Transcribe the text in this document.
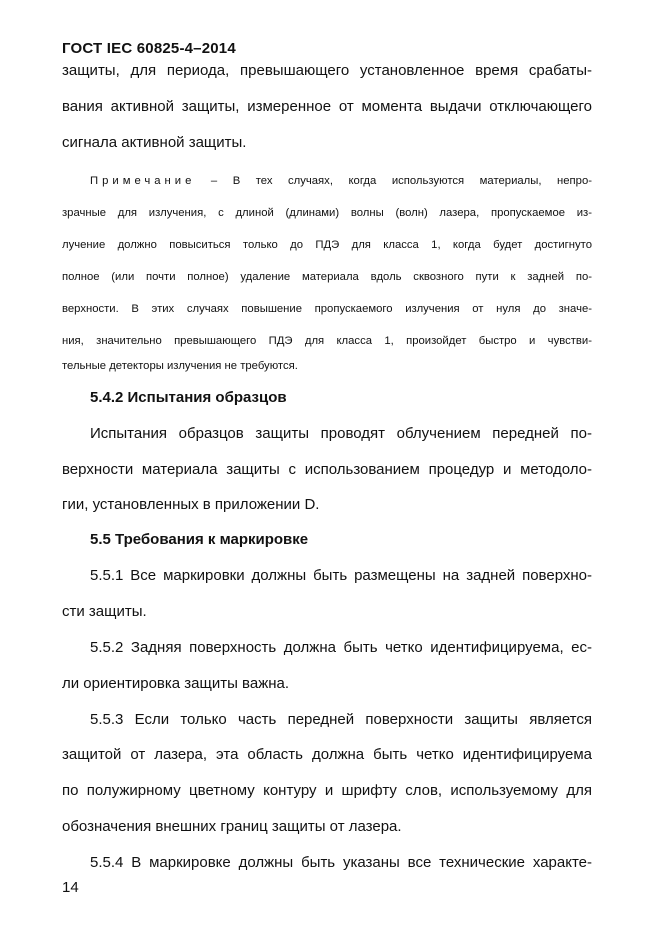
ГОСТ IEC 60825-4–2014
защиты, для периода, превышающего установленное время срабаты-
вания активной защиты, измеренное от момента выдачи отключающего
сигнала активной защиты.
Примечание – В тех случаях, когда используются материалы, непро-
зрачные для излучения, с длиной (длинами) волны (волн) лазера, пропускаемое из-
лучение должно повыситься только до ПДЭ для класса 1, когда будет достигнуто
полное (или почти полное) удаление материала вдоль сквозного пути к задней по-
верхности. В этих случаях повышение пропускаемого излучения от нуля до значе-
ния, значительно превышающего ПДЭ для класса 1, произойдет быстро и чувстви-
тельные детекторы излучения не требуются.
5.4.2 Испытания образцов
Испытания образцов защиты проводят облучением передней по-
верхности материала защиты с использованием процедур и методоло-
гии, установленных в приложении D.
5.5 Требования к маркировке
5.5.1 Все маркировки должны быть размещены на задней поверхно-
сти защиты.
5.5.2 Задняя поверхность должна быть четко идентифицируема, ес-
ли ориентировка защиты важна.
5.5.3 Если только часть передней поверхности защиты является
защитой от лазера, эта область должна быть четко идентифицируема
по полужирному цветному контуру и шрифту слов, используемому для
обозначения внешних границ защиты от лазера.
5.5.4 В маркировке должны быть указаны все технические характе-
14
